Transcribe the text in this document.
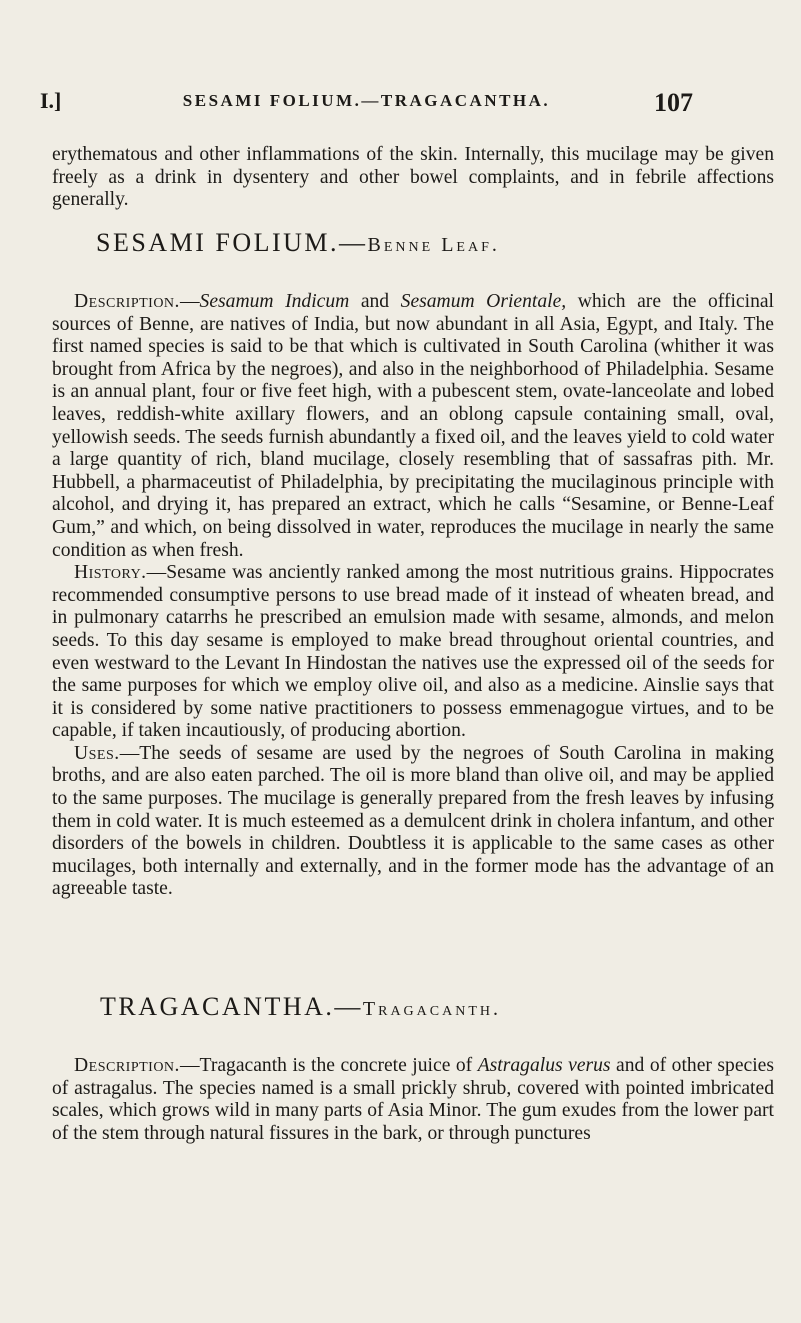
I.]	SESAMI FOLIUM.—TRAGACANTHA.	107

erythematous and other inflammations of the skin. Internally, this mucilage may be given freely as a drink in dysentery and other bowel complaints, and in febrile affections generally.

SESAMI FOLIUM.—Benne Leaf.

Description.—Sesamum Indicum and Sesamum Orientale, which are the officinal sources of Benne, are natives of India, but now abundant in all Asia, Egypt, and Italy. The first named species is said to be that which is cultivated in South Carolina (whither it was brought from Africa by the negroes), and also in the neighborhood of Philadelphia. Sesame is an annual plant, four or five feet high, with a pubescent stem, ovate-lanceolate and lobed leaves, reddish-white axillary flowers, and an oblong capsule containing small, oval, yellowish seeds. The seeds furnish abundantly a fixed oil, and the leaves yield to cold water a large quantity of rich, bland mucilage, closely resembling that of sassafras pith. Mr. Hubbell, a pharmaceutist of Philadelphia, by precipitating the mucilaginous principle with alcohol, and drying it, has prepared an extract, which he calls “Sesamine, or Benne-Leaf Gum,” and which, on being dissolved in water, reproduces the mucilage in nearly the same condition as when fresh.

History.—Sesame was anciently ranked among the most nutritious grains. Hippocrates recommended consumptive persons to use bread made of it instead of wheaten bread, and in pulmonary catarrhs he prescribed an emulsion made with sesame, almonds, and melon seeds. To this day sesame is employed to make bread throughout oriental countries, and even westward to the Levant In Hindostan the natives use the expressed oil of the seeds for the same purposes for which we employ olive oil, and also as a medicine. Ainslie says that it is considered by some native practitioners to possess emmenagogue virtues, and to be capable, if taken incautiously, of producing abortion.

Uses.—The seeds of sesame are used by the negroes of South Carolina in making broths, and are also eaten parched. The oil is more bland than olive oil, and may be applied to the same purposes. The mucilage is generally prepared from the fresh leaves by infusing them in cold water. It is much esteemed as a demulcent drink in cholera infantum, and other disorders of the bowels in children. Doubtless it is applicable to the same cases as other mucilages, both internally and externally, and in the former mode has the advantage of an agreeable taste.

TRAGACANTHA.—Tragacanth.

Description.—Tragacanth is the concrete juice of Astragalus verus and of other species of astragalus. The species named is a small prickly shrub, covered with pointed imbricated scales, which grows wild in many parts of Asia Minor. The gum exudes from the lower part of the stem through natural fissures in the bark, or through punctures
